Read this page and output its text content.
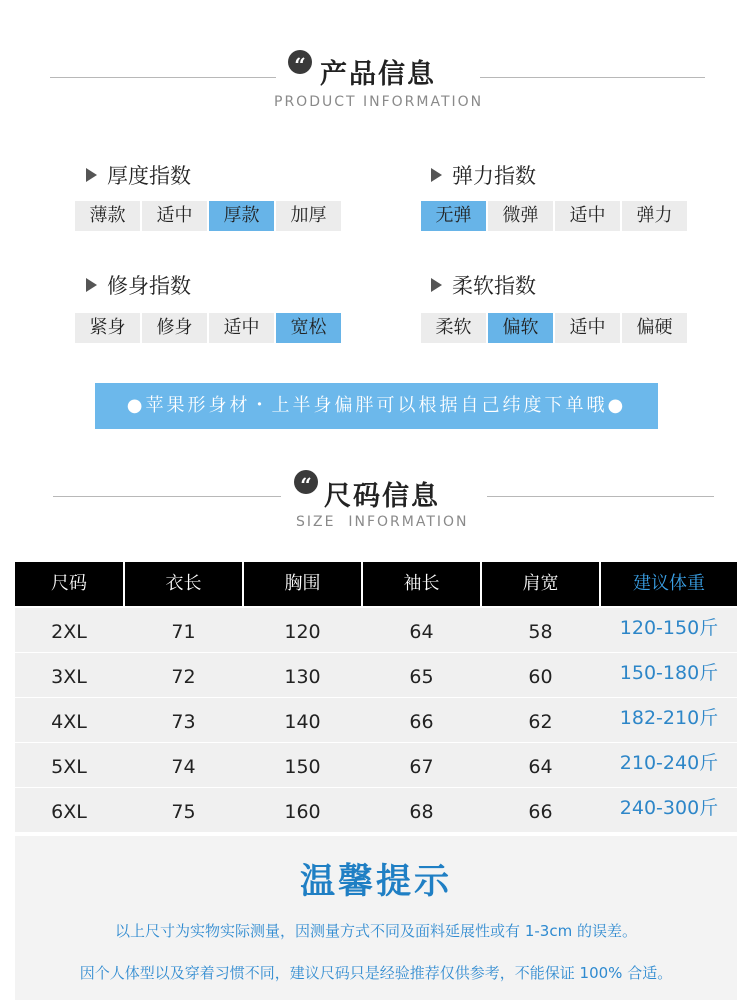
“ 产品信息
PRODUCT INFORMATION
厚度指数
薄款	适中	厚款	加厚
弹力指数
无弹	微弹	适中	弹力
修身指数
紧身	修身	适中	宽松
柔软指数
柔软	偏软	适中	偏硬
●苹果形身材・上半身偏胖可以根据自己纬度下单哦●
“ 尺码信息
SIZE  INFORMATION
尺码	衣长	胸围	袖长	肩宽	建议体重
2XL	71	120	64	58	120-150斤
3XL	72	130	65	60	150-180斤
4XL	73	140	66	62	182-210斤
5XL	74	150	67	64	210-240斤
6XL	75	160	68	66	240-300斤
温馨提示
以上尺寸为实物实际测量，因测量方式不同及面料延展性或有 1-3cm 的误差。
因个人体型以及穿着习惯不同，建议尺码只是经验推荐仅供参考，不能保证 100% 合适。
